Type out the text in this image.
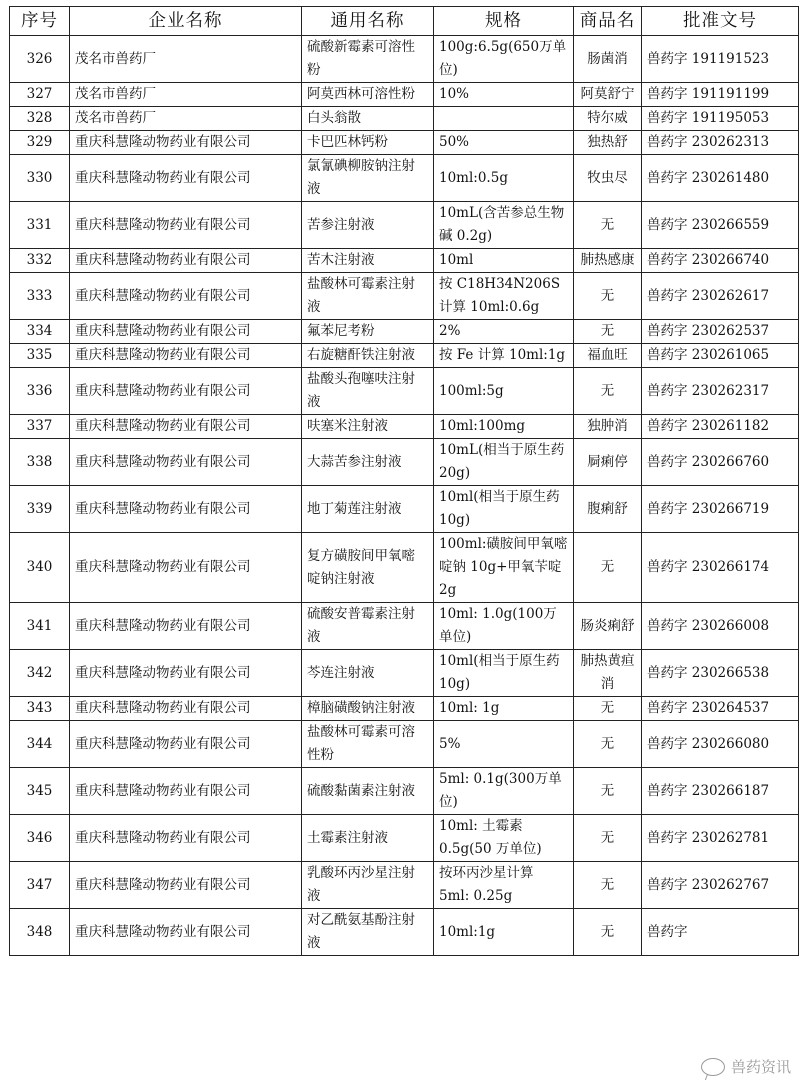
序号	企业名称	通用名称	规格	商品名	批准文号
326	茂名市兽药厂	硫酸新霉素可溶性粉	100g:6.5g(650万单位)	肠菌消	兽药字 191191523
327	茂名市兽药厂	阿莫西林可溶性粉	10%	阿莫舒宁	兽药字 191191199
328	茂名市兽药厂	白头翁散		特尔威	兽药字 191195053
329	重庆科慧隆动物药业有限公司	卡巴匹林钙粉	50%	独热舒	兽药字 230262313
330	重庆科慧隆动物药业有限公司	氯氰碘柳胺钠注射液	10ml:0.5g	牧虫尽	兽药字 230261480
331	重庆科慧隆动物药业有限公司	苦参注射液	10mL(含苦参总生物碱 0.2g)	无	兽药字 230266559
332	重庆科慧隆动物药业有限公司	苦木注射液	10ml	肺热感康	兽药字 230266740
333	重庆科慧隆动物药业有限公司	盐酸林可霉素注射液	按 C18H34N206S 计算 10ml:0.6g	无	兽药字 230262617
334	重庆科慧隆动物药业有限公司	氟苯尼考粉	2%	无	兽药字 230262537
335	重庆科慧隆动物药业有限公司	右旋糖酐铁注射液	按 Fe 计算 10ml:1g	福血旺	兽药字 230261065
336	重庆科慧隆动物药业有限公司	盐酸头孢噻呋注射液	100ml:5g	无	兽药字 230262317
337	重庆科慧隆动物药业有限公司	呋塞米注射液	10ml:100mg	独肿消	兽药字 230261182
338	重庆科慧隆动物药业有限公司	大蒜苦参注射液	10mL(相当于原生药 20g)	屙痢停	兽药字 230266760
339	重庆科慧隆动物药业有限公司	地丁菊莲注射液	10ml(相当于原生药 10g)	腹痢舒	兽药字 230266719
340	重庆科慧隆动物药业有限公司	复方磺胺间甲氧嘧啶钠注射液	100ml:磺胺间甲氧嘧啶钠 10g+甲氧苄啶 2g	无	兽药字 230266174
341	重庆科慧隆动物药业有限公司	硫酸安普霉素注射液	10ml: 1.0g(100万单位)	肠炎痢舒	兽药字 230266008
342	重庆科慧隆动物药业有限公司	芩连注射液	10ml(相当于原生药 10g)	肺热黄疸消	兽药字 230266538
343	重庆科慧隆动物药业有限公司	樟脑磺酸钠注射液	10ml: 1g	无	兽药字 230264537
344	重庆科慧隆动物药业有限公司	盐酸林可霉素可溶性粉	5%	无	兽药字 230266080
345	重庆科慧隆动物药业有限公司	硫酸黏菌素注射液	5ml: 0.1g(300万单位)	无	兽药字 230266187
346	重庆科慧隆动物药业有限公司	土霉素注射液	10ml: 土霉素 0.5g(50 万单位)	无	兽药字 230262781
347	重庆科慧隆动物药业有限公司	乳酸环丙沙星注射液	按环丙沙星计算 5ml: 0.25g	无	兽药字 230262767
348	重庆科慧隆动物药业有限公司	对乙酰氨基酚注射液	10ml:1g	无	兽药字
兽药资讯
